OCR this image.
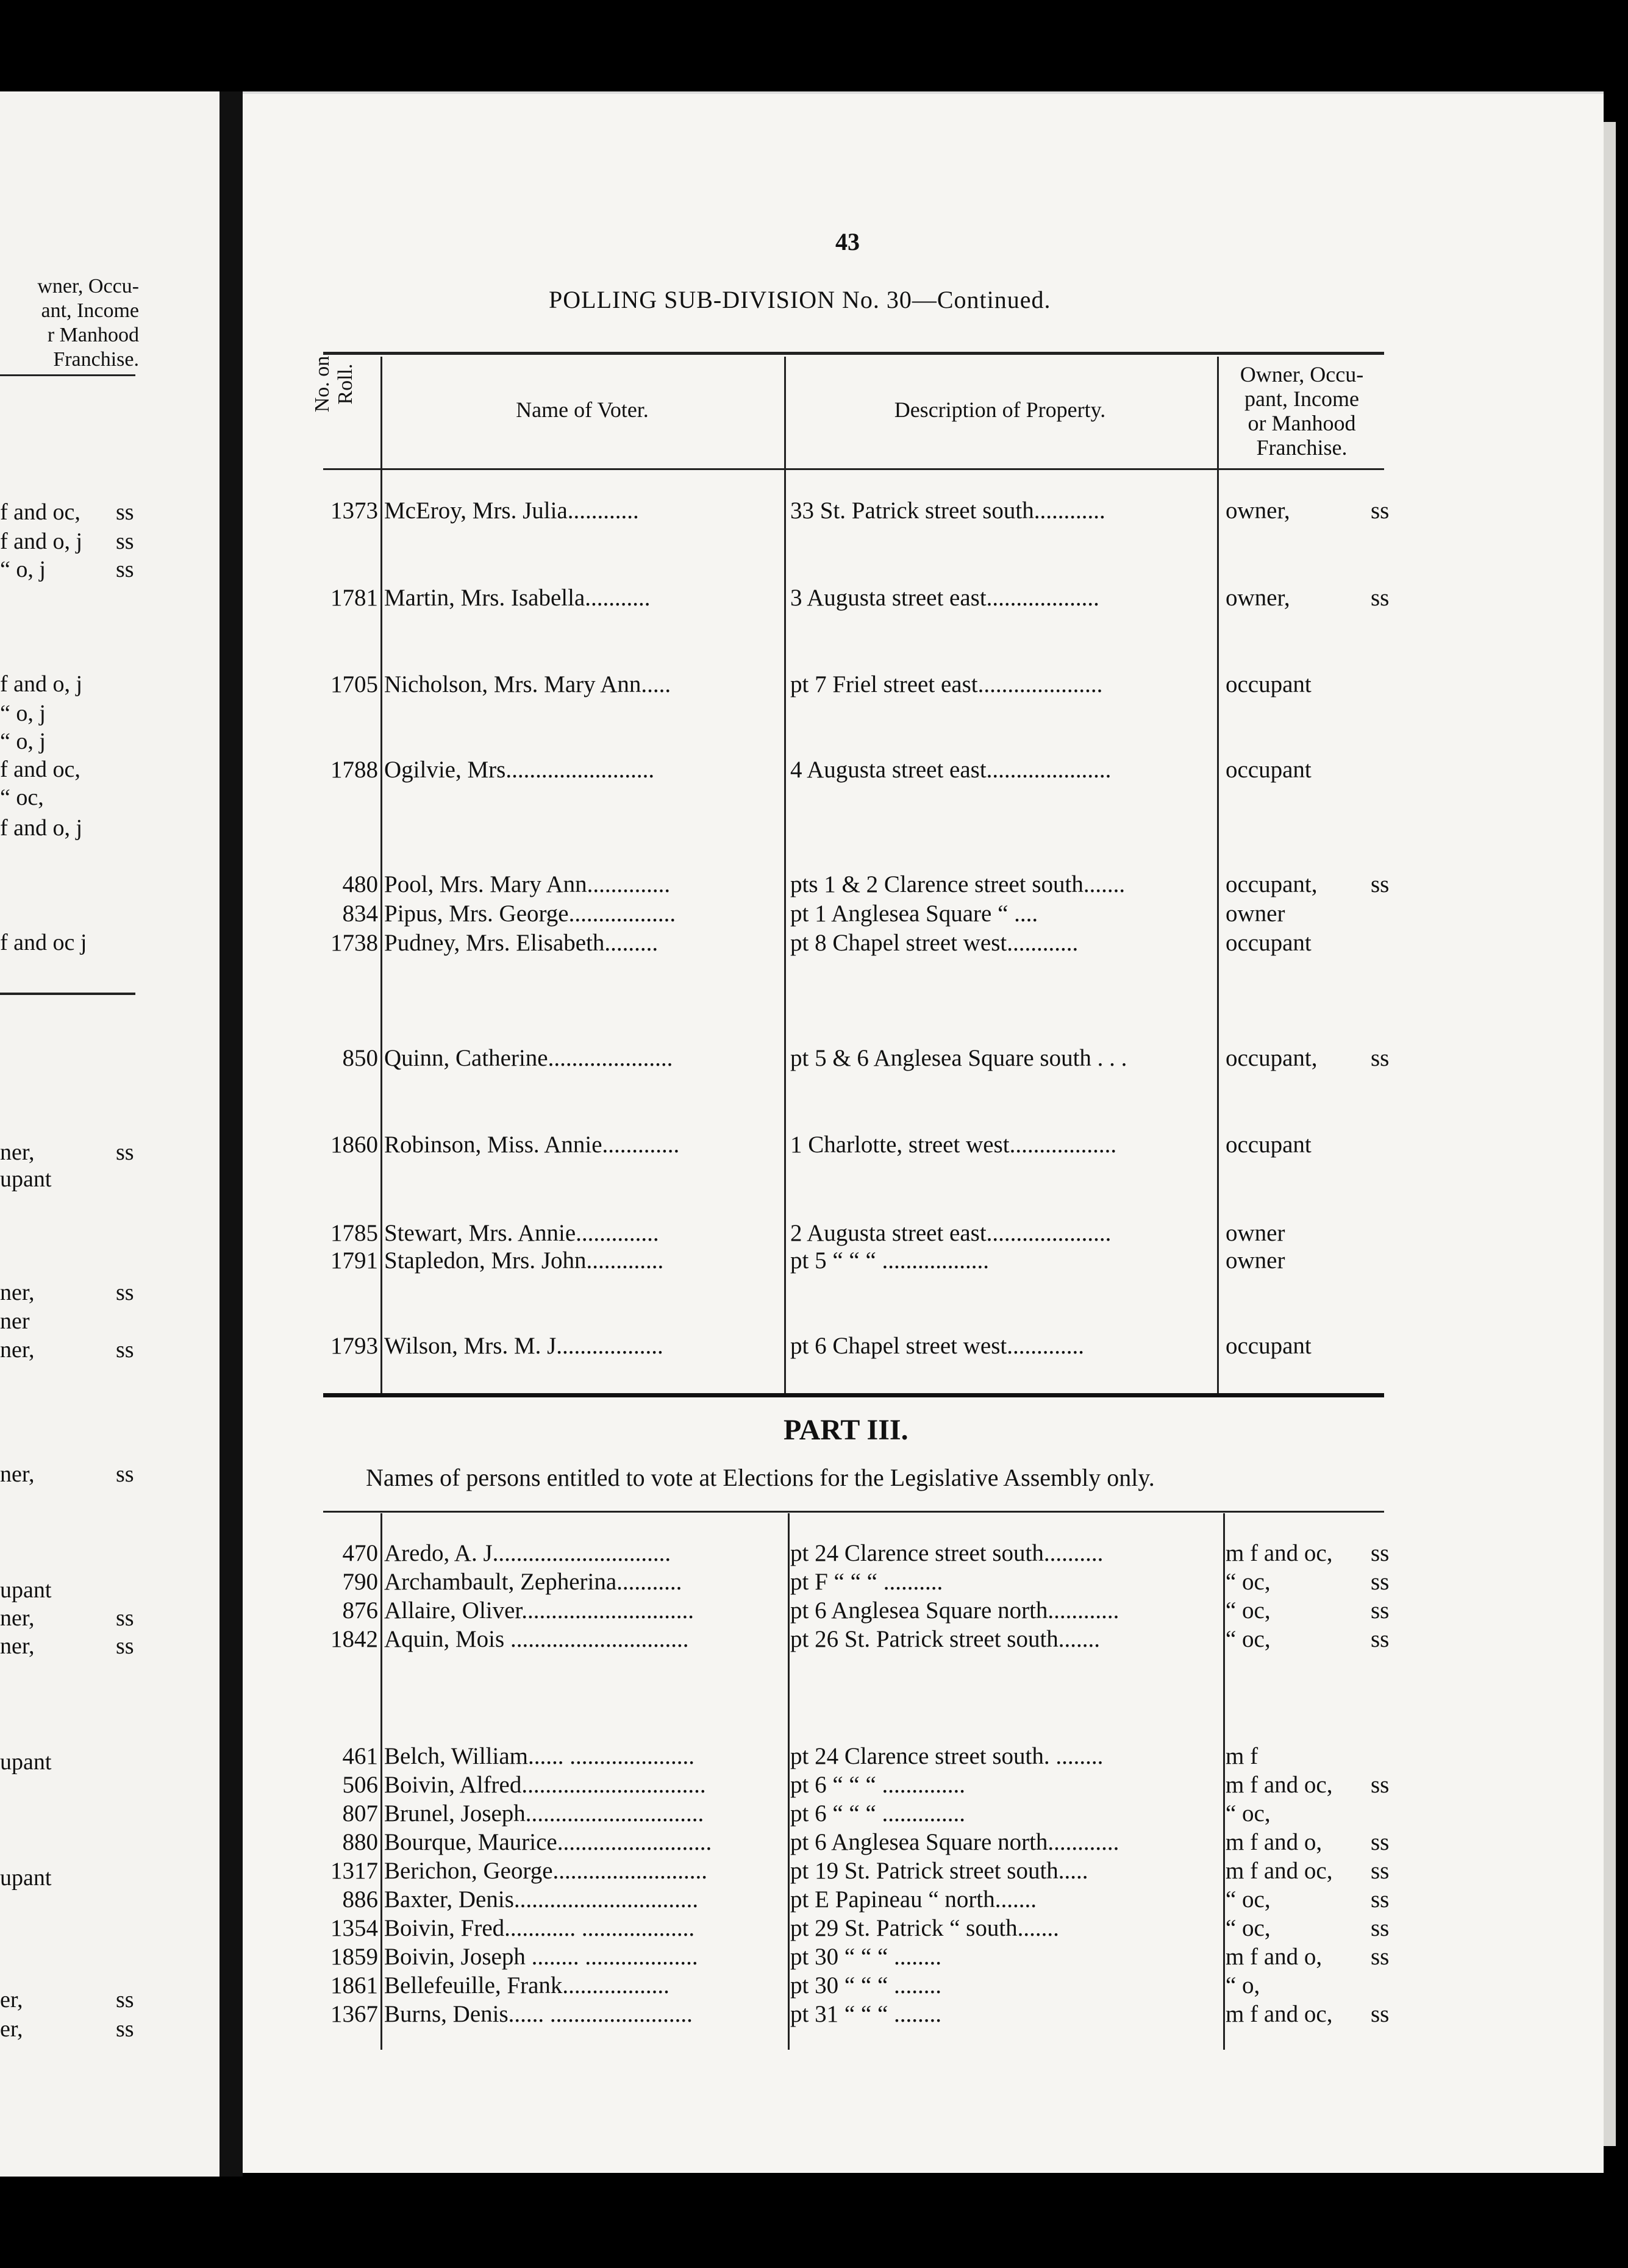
wner, Occu-
ant, Income
r Manhood
Franchise.
f and oc, ss
f and o, j ss
“ o, j	ss
f and o, j
“ o, j
“ o, j
f and oc,
“ oc,
f and o, j
f and oc j
ner,	ss
upant
ner,	ss
ner
ner,	ss
ner,	ss
upant
ner,	ss
ner,	ss
upant
upant
er,	ss
er,	ss
43
POLLING SUB-DIVISION No. 30—Continued.
No. on Roll.
Name of Voter.	Description of Property.
Owner, Occu-
pant, Income
or Manhood
Franchise.
1373 McEroy, Mrs. Julia............	33 St. Patrick street south............	owner,	ss
1781 Martin, Mrs. Isabella...........	3 Augusta street east...................	owner,	ss
1705 Nicholson, Mrs. Mary Ann.....	pt 7 Friel street east.....................	occupant
1788 Ogilvie, Mrs.........................	4 Augusta street east.....................	occupant
480 Pool, Mrs. Mary Ann..............	pts 1 & 2 Clarence street south.......	occupant, ss
834 Pipus, Mrs. George..................	pt 1 Anglesea Square “ ....	owner
1738 Pudney, Mrs. Elisabeth.........	pt 8 Chapel street west............	occupant
850 Quinn, Catherine.....................	pt 5 & 6 Anglesea Square south . . .	occupant, ss
1860 Robinson, Miss. Annie.............	1 Charlotte, street west..................	occupant
1785 Stewart, Mrs. Annie..............	2 Augusta street east.....................	owner
1791 Stapledon, Mrs. John.............	pt 5 “ “ “ ..................	owner
1793 Wilson, Mrs. M. J..................	pt 6 Chapel street west.............	occupant
PART III.
Names of persons entitled to vote at Elections for the Legislative Assembly only.
470 Aredo, A. J..............................	pt 24 Clarence street south..........	m f and oc, ss
790 Archambault, Zepherina...........	pt F “ “ “ ..........	“ oc,	ss
876 Allaire, Oliver.............................	pt 6 Anglesea Square north............	“ oc,	ss
1842 Aquin, Mois ..............................	pt 26 St. Patrick street south.......	“ oc,	ss
461 Belch, William...... .....................	pt 24 Clarence street south. ........	m f
506 Boivin, Alfred...............................	pt 6 “ “ “ ..............	m f and oc, ss
807 Brunel, Joseph..............................	pt 6 “ “ “ ..............	“ oc,
880 Bourque, Maurice..........................	pt 6 Anglesea Square north............	m f and o, ss
1317 Berichon, George..........................	pt 19 St. Patrick street south.....	m f and oc, ss
886 Baxter, Denis...............................	pt E Papineau “ north.......	“ oc,	ss
1354 Boivin, Fred............ ...................	pt 29 St. Patrick “ south.......	“ oc,	ss
1859 Boivin, Joseph ........ ...................	pt 30 “ “ “ ........	m f and o, ss
1861 Bellefeuille, Frank..................	pt 30 “ “ “ ........	“ o,
1367 Burns, Denis...... ........................	pt 31 “ “ “ ........	m f and oc, ss
